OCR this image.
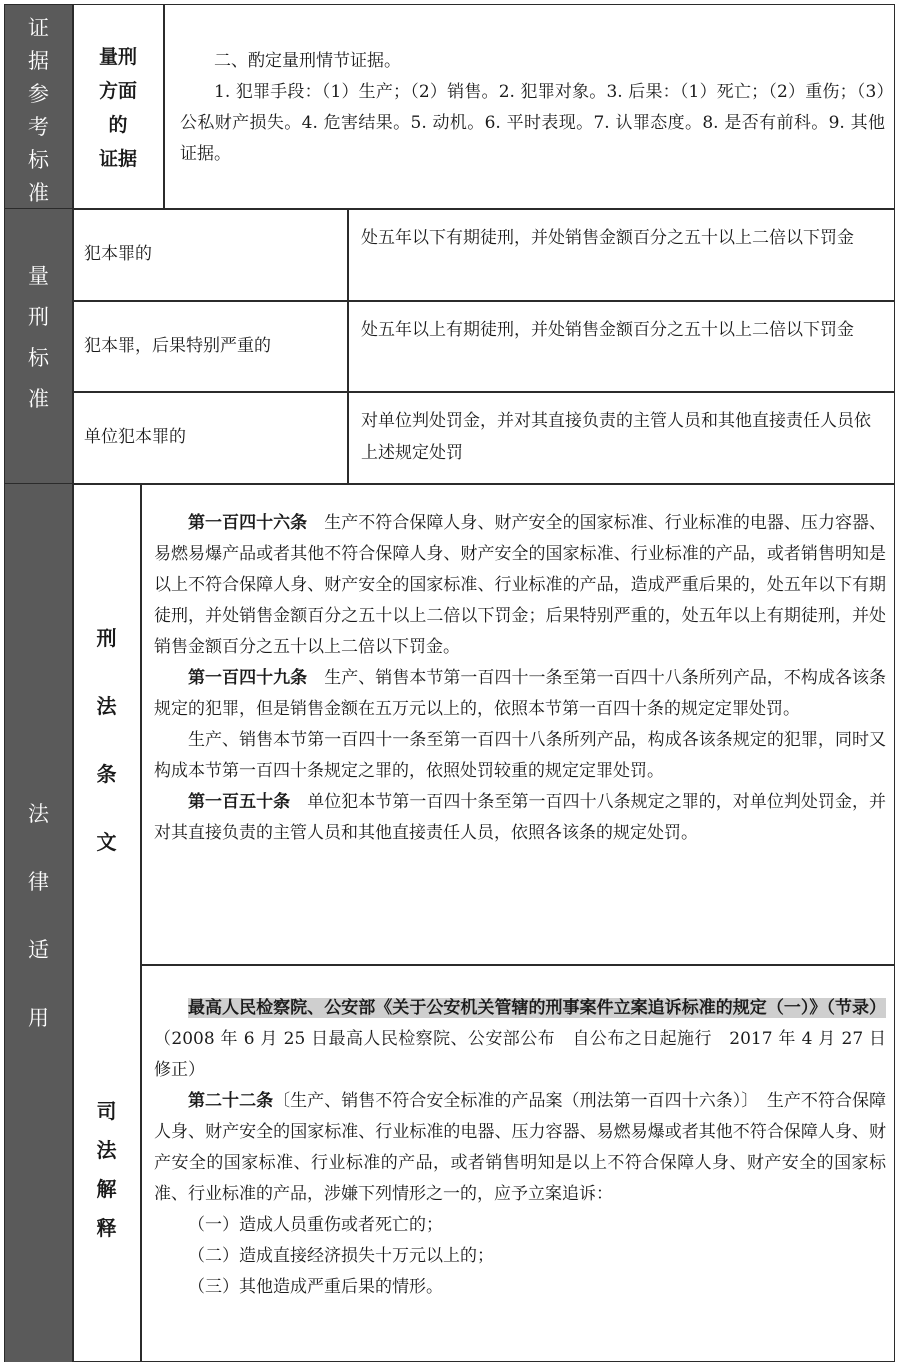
证
据
参
考
标
准
量刑
方面
的
证据

二、酌定量刑情节证据。

1. 犯罪手段：（1）生产；（2）销售。2. 犯罪对象。3. 后果：（1）死亡；（2）重伤；（3）公私财产损失。4. 危害结果。5. 动机。6. 平时表现。7. 认罪态度。8. 是否有前科。9. 其他证据。

量
刑
标
准
犯本罪的
处五年以下有期徒刑，并处销售金额百分之五十以上二倍以下罚金
犯本罪，后果特别严重的
处五年以上有期徒刑，并处销售金额百分之五十以上二倍以下罚金
单位犯本罪的
对单位判处罚金，并对其直接负责的主管人员和其他直接责任人员依上述规定处罚
法
律
适
用
刑
法
条
文

第一百四十六条　 生产不符合保障人身、财产安全的国家标准、行业标准的电器、压力容器、易燃易爆产品或者其他不符合保障人身、财产安全的国家标准、行业标准的产品，或者销售明知是以上不符合保障人身、财产安全的国家标准、行业标准的产品，造成严重后果的，处五年以下有期徒刑，并处销售金额百分之五十以上二倍以下罚金；后果特别严重的，处五年以上有期徒刑，并处销售金额百分之五十以上二倍以下罚金。

第一百四十九条　 生产、销售本节第一百四十一条至第一百四十八条所列产品，不构成各该条规定的犯罪，但是销售金额在五万元以上的，依照本节第一百四十条的规定定罪处罚。

生产、销售本节第一百四十一条至第一百四十八条所列产品，构成各该条规定的犯罪，同时又构成本节第一百四十条规定之罪的，依照处罚较重的规定定罪处罚。

第一百五十条　 单位犯本节第一百四十条至第一百四十八条规定之罪的，对单位判处罚金，并对其直接负责的主管人员和其他直接责任人员，依照各该条的规定处罚。

司
法
解
释

最高人民检察院、公安部《关于公安机关管辖的刑事案件立案追诉标准的规定（一）》（节录）（2008 年 6 月 25 日最高人民检察院、公安部公布　自公布之日起施行　2017 年 4 月 27 日修正）

第二十二条〔生产、销售不符合安全标准的产品案（刑法第一百四十六条）〕　 生产不符合保障人身、财产安全的国家标准、行业标准的电器、压力容器、易燃易爆或者其他不符合保障人身、财产安全的国家标准、行业标准的产品，或者销售明知是以上不符合保障人身、财产安全的国家标准、行业标准的产品，涉嫌下列情形之一的，应予立案追诉：

（一）造成人员重伤或者死亡的；

（二）造成直接经济损失十万元以上的；

（三）其他造成严重后果的情形。
